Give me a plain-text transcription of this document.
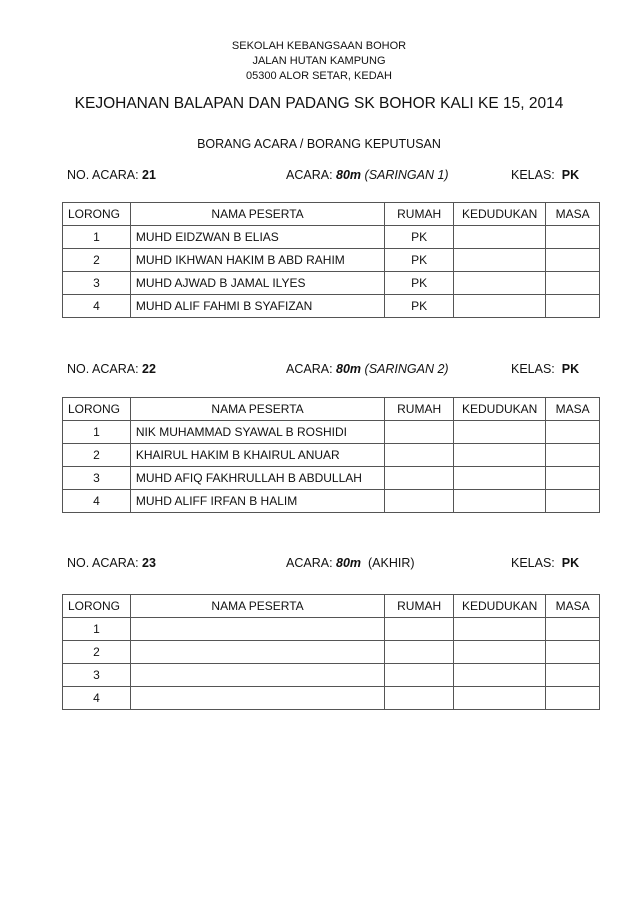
SEKOLAH KEBANGSAAN BOHOR
JALAN HUTAN KAMPUNG
05300 ALOR SETAR, KEDAH
KEJOHANAN BALAPAN DAN PADANG SK BOHOR KALI KE 15, 2014
BORANG ACARA / BORANG KEPUTUSAN
NO. ACARA: 21	ACARA: 80m (SARINGAN 1)	KELAS: PK
LORONG	NAMA PESERTA	RUMAH	KEDUDUKAN	MASA
1	MUHD EIDZWAN B ELIAS	PK		
2	MUHD IKHWAN HAKIM B ABD RAHIM	PK		
3	MUHD AJWAD B JAMAL ILYES	PK		
4	MUHD ALIF FAHMI B SYAFIZAN	PK		
NO. ACARA: 22	ACARA: 80m (SARINGAN 2)	KELAS: PK
LORONG	NAMA PESERTA	RUMAH	KEDUDUKAN	MASA
1	NIK MUHAMMAD SYAWAL B ROSHIDI			
2	KHAIRUL HAKIM B KHAIRUL ANUAR			
3	MUHD AFIQ FAKHRULLAH B ABDULLAH			
4	MUHD ALIFF IRFAN B HALIM			
NO. ACARA: 23	ACARA: 80m (AKHIR)	KELAS: PK
LORONG	NAMA PESERTA	RUMAH	KEDUDUKAN	MASA
1				
2				
3				
4				
